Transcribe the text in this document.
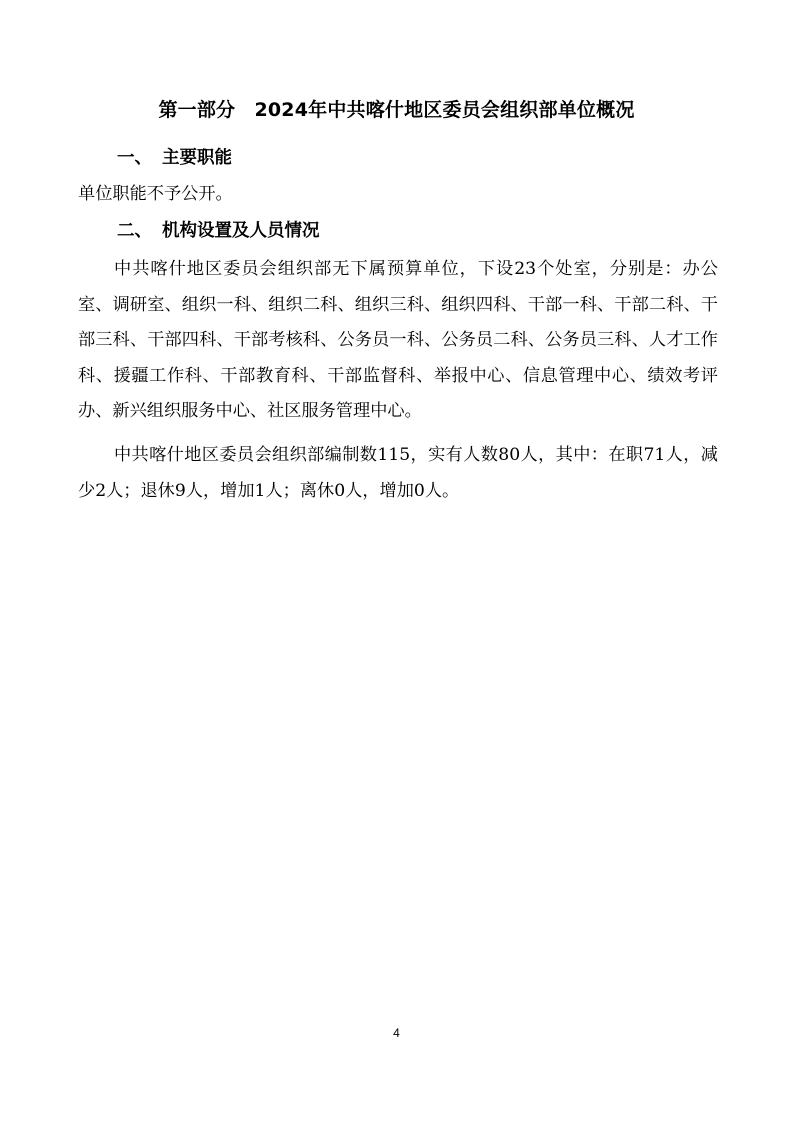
第一部分　2024年中共喀什地区委员会组织部单位概况
一、 主要职能
单位职能不予公开。
二、 机构设置及人员情况
中共喀什地区委员会组织部无下属预算单位，下设23个处室，分别是：办公室、调研室、组织一科、组织二科、组织三科、组织四科、干部一科、干部二科、干部三科、干部四科、干部考核科、公务员一科、公务员二科、公务员三科、人才工作科、援疆工作科、干部教育科、干部监督科、举报中心、信息管理中心、绩效考评办、新兴组织服务中心、社区服务管理中心。
中共喀什地区委员会组织部编制数115，实有人数80人，其中：在职71人，减少2人；退休9人，增加1人；离休0人，增加0人。
4
